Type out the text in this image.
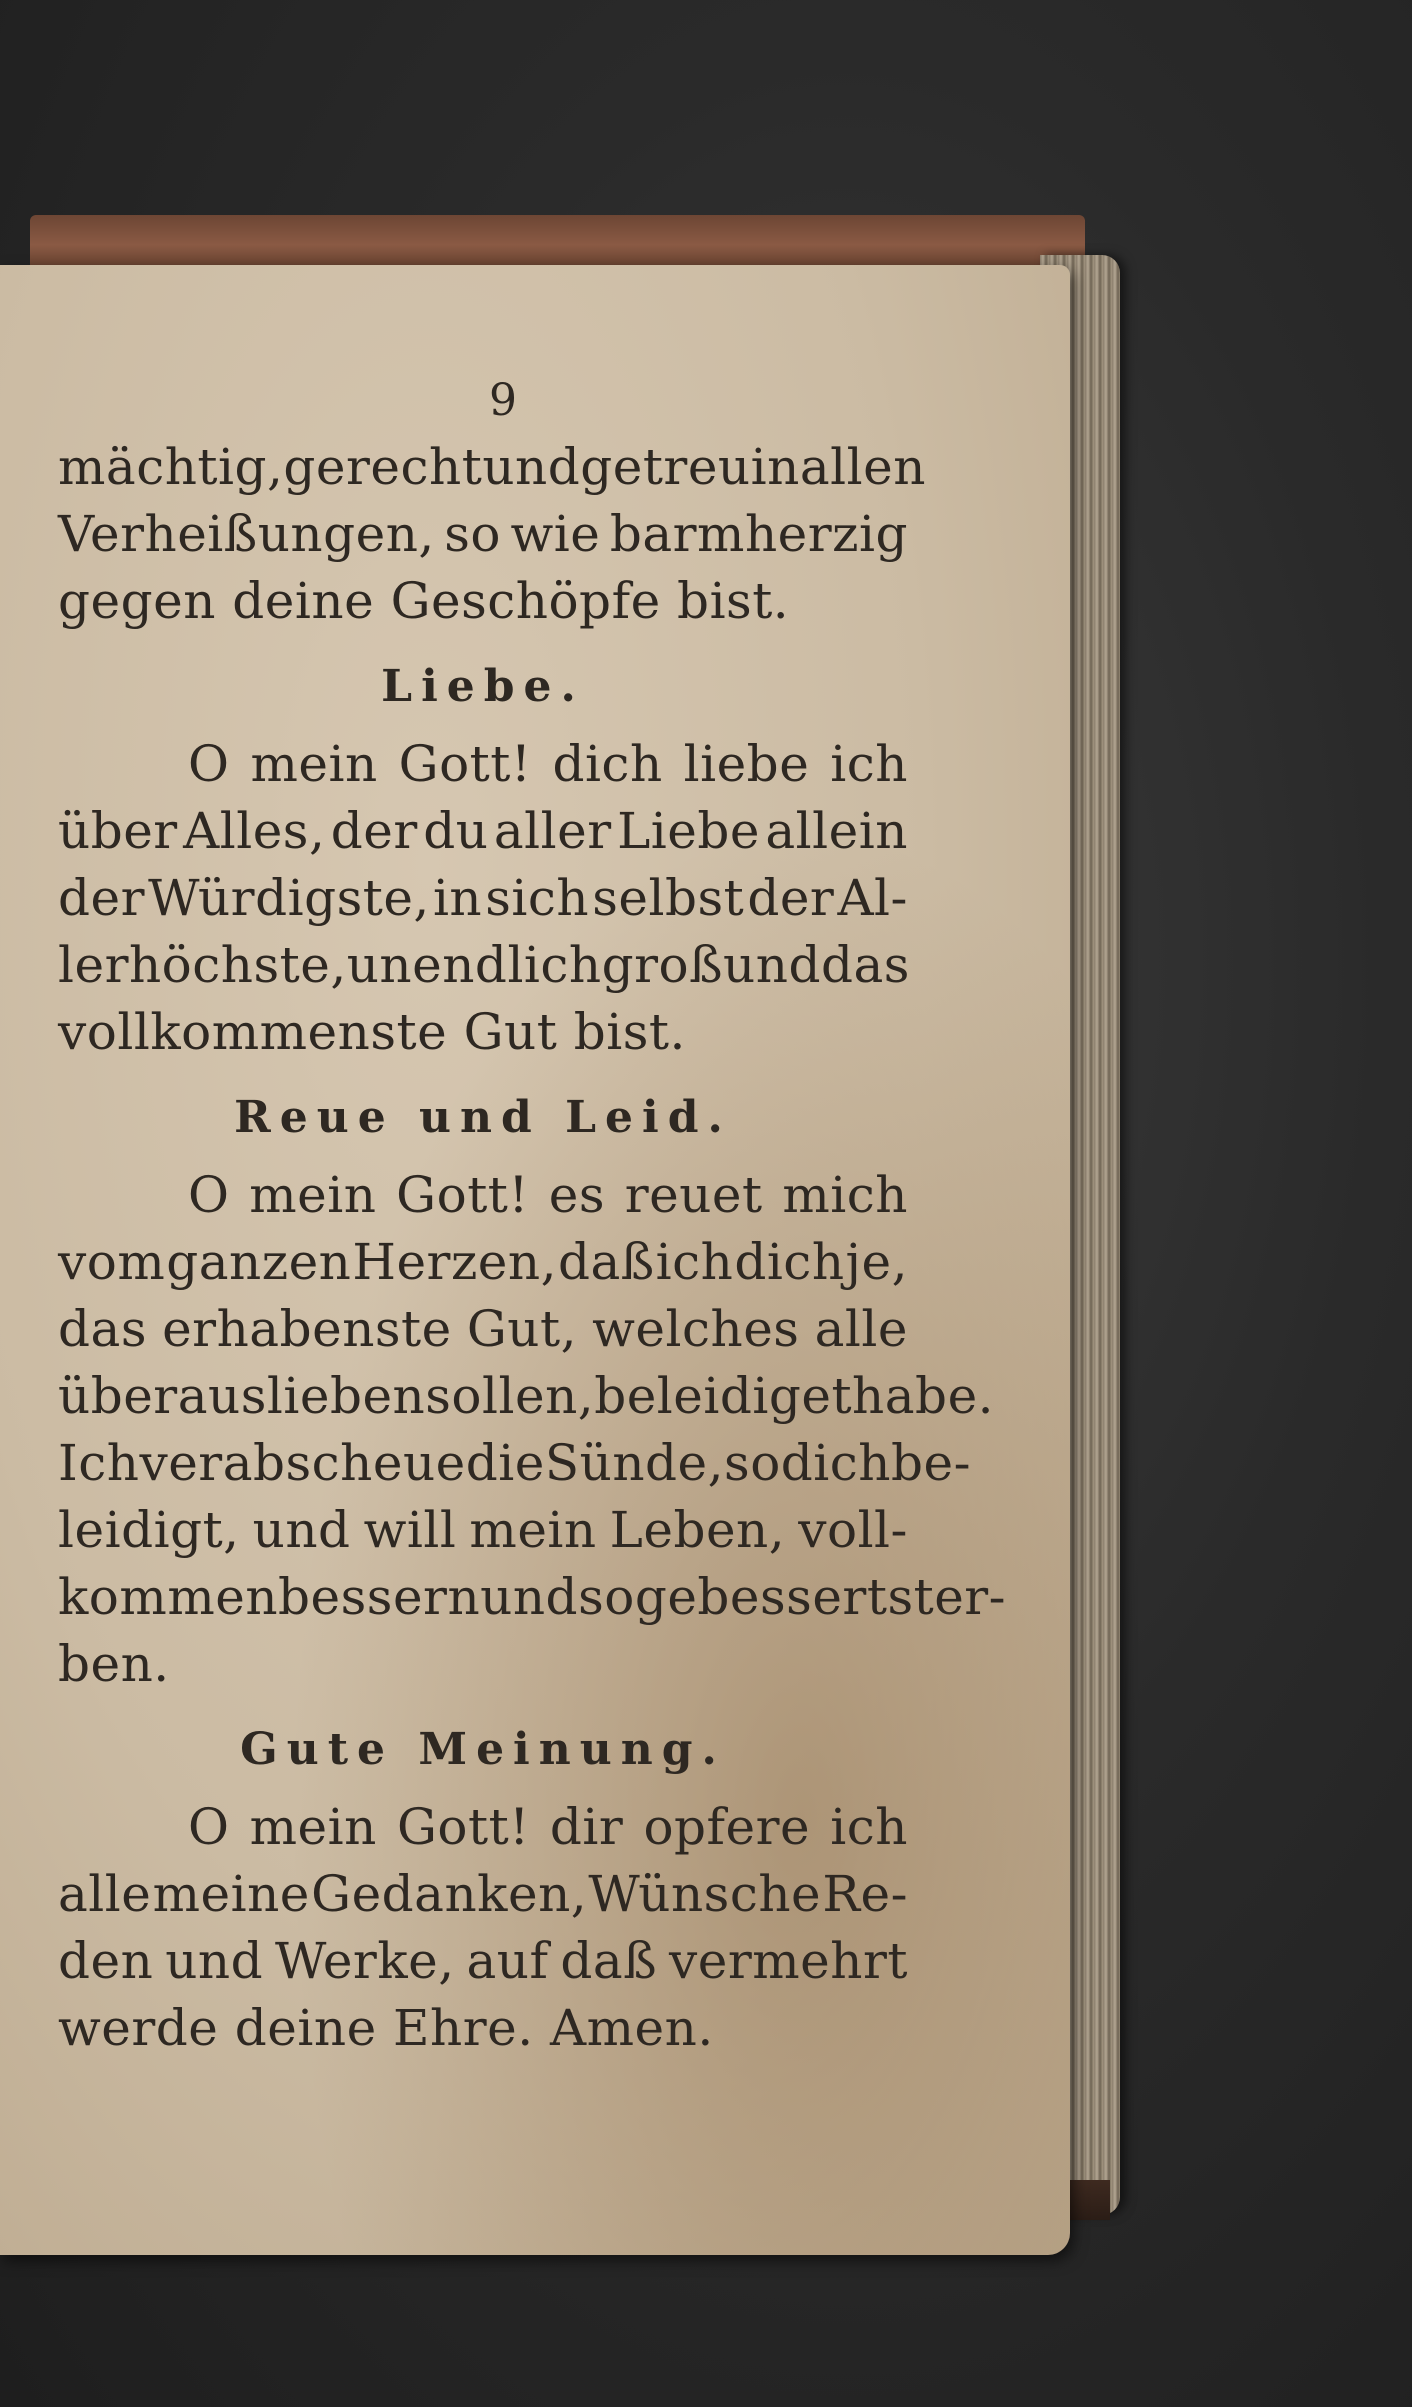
9
mächtig, gerecht und getreu in allen
Verheißungen, so wie barmherzig
gegen deine Geschöpfe bist.
Liebe.
O mein Gott! dich liebe ich
über Alles, der du aller Liebe allein
der Würdigste, in sich selbst der Al-
lerhöchste, unendlich groß und das
vollkommenste Gut bist.
Reue und Leid.
O mein Gott! es reuet mich
vom ganzen Herzen, daß ich dich je,
das erhabenste Gut, welches alle
überaus lieben sollen, beleidiget habe.
Ich verabscheue die Sünde, so dich be-
leidigt, und will mein Leben, voll-
kommen bessern und so gebessert ster-
ben.
Gute Meinung.
O mein Gott! dir opfere ich
alle meine Gedanken, Wünsche Re-
den und Werke, auf daß vermehrt
werde deine Ehre. Amen.
